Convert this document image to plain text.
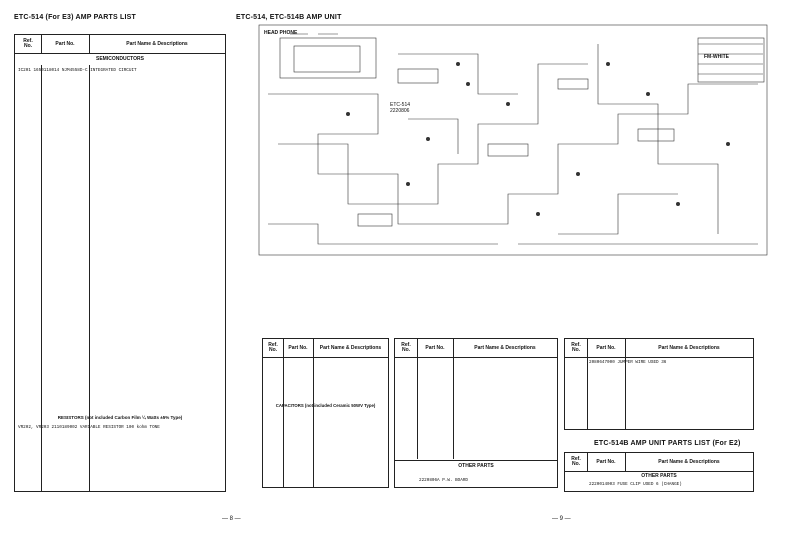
ETC-514 (For E3) AMP PARTS LIST	ETC-514, ETC-514B AMP UNIT
HEAD PHONE
ETC-514
2220806
FM-WHITE
Ref.
No.	Part No.	Part Name & Descriptions
SEMICONDUCTORS
IC201 1650118014 NJM4558D-C INTEGRATED CIRCUIT
RESISTORS (not included Carbon Film ¼ Watts ±5% Type)
VR202, VR203 2110189002 VARIABLE RESISTOR 100 kohm TONE
Ref.
No.	Part No.	Part Name & Descriptions
CAPACITORS (not included Ceramic 50WV Type)
Ref.
No.	Part No.	Part Name & Descriptions
OTHER PARTS
2220806A P.W. BOARD
Ref.
No.	Part No.	Part Name & Descriptions
2080647000 JUMPER WIRE USED 36
ETC-514B AMP UNIT PARTS LIST (For E2)
Ref.
No.	Part No.	Part Name & Descriptions
OTHER PARTS
2220014003 FUSE CLIP USED 6 (CHANGE)
— 8 —	— 9 —
